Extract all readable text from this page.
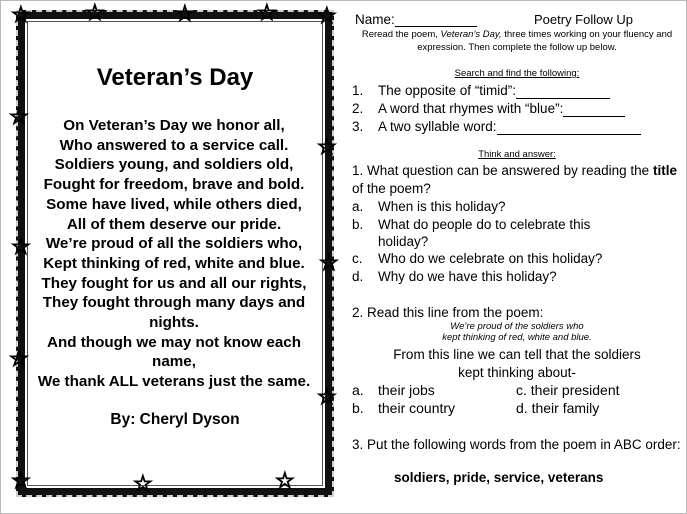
☆ ☆	☆	☆ ☆
☆
☆
☆
☆
☆
☆
☆	☆	☆
Veteran’s Day
On Veteran’s Day we honor all,
Who answered to a service call.
Soldiers young, and soldiers old,
Fought for freedom, brave and bold.
Some have lived, while others died,
All of them deserve our pride.
We’re proud of all the soldiers who,
Kept thinking of red, white and blue.
They fought for us and all our rights,
They fought through many days and
nights.
And though we may not know each
name,
We thank ALL veterans just the same.
By: Cheryl Dyson
Name:	Poetry Follow Up
Reread the poem, Veteran’s Day, three times working on your fluency and expression. Then complete the follow up below.
Search and find the following:
1. The opposite of “timid”:
2. A word that rhymes with “blue”:
3. A two syllable word:
Think and answer:
1. What question can be answered by reading the title of the poem?
a. When is this holiday?
b. What do people do to celebrate this holiday?
c. Who do we celebrate on this holiday?
d. Why do we have this holiday?
2. Read this line from the poem:
We’re proud of the soldiers who
kept thinking of red, white and blue.
From this line we can tell that the soldiers
kept thinking about-
a. their jobs	c. their president
b. their country	d. their family
3. Put the following words from the poem in ABC order:
soldiers, pride, service, veterans
